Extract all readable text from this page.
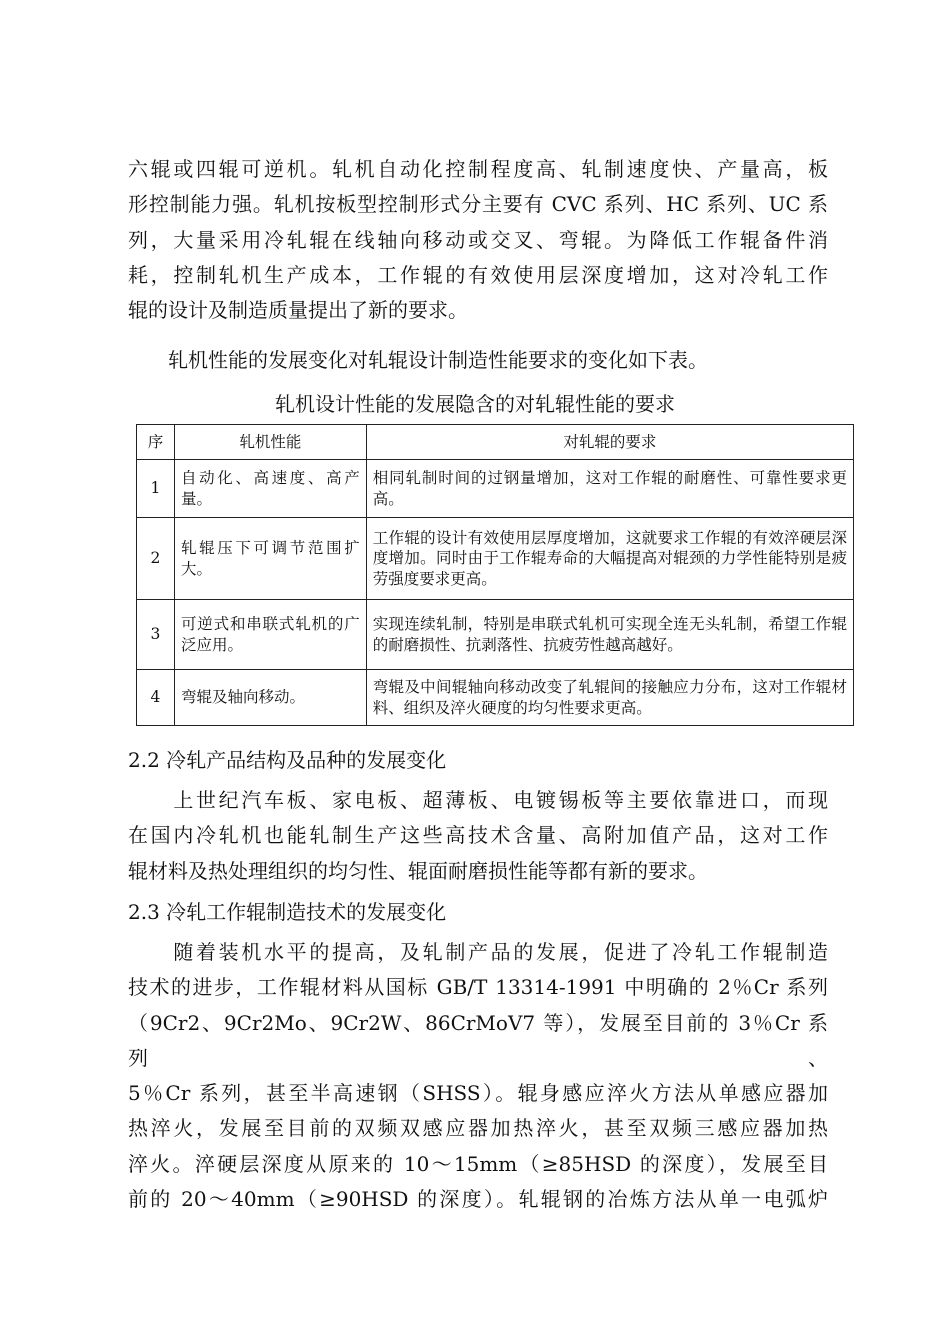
六辊或四辊可逆机。轧机自动化控制程度高、轧制速度快、产量高，板
形控制能力强。轧机按板型控制形式分主要有 CVC 系列、HC 系列、UC 系
列，大量采用冷轧辊在线轴向移动或交叉、弯辊。为降低工作辊备件消
耗，控制轧机生产成本，工作辊的有效使用层深度增加，这对冷轧工作
辊的设计及制造质量提出了新的要求。

　　轧机性能的发展变化对轧辊设计制造性能要求的变化如下表。

轧机设计性能的发展隐含的对轧辊性能的要求

序	轧机性能	对轧辊的要求
1	自动化、高速度、高产量。	相同轧制时间的过钢量增加，这对工作辊的耐磨性、可靠性要求更高。
2	轧辊压下可调节范围扩大。	工作辊的设计有效使用层厚度增加，这就要求工作辊的有效淬硬层深度增加。同时由于工作辊寿命的大幅提高对辊颈的力学性能特别是疲劳强度要求更高。
3	可逆式和串联式轧机的广泛应用。	实现连续轧制，特别是串联式轧机可实现全连无头轧制，希望工作辊的耐磨损性、抗剥落性、抗疲劳性越高越好。
4	弯辊及轴向移动。	弯辊及中间辊轴向移动改变了轧辊间的接触应力分布，这对工作辊材料、组织及淬火硬度的均匀性要求更高。

2.2 冷轧产品结构及品种的发展变化

　　上世纪汽车板、家电板、超薄板、电镀锡板等主要依靠进口，而现
在国内冷轧机也能轧制生产这些高技术含量、高附加值产品，这对工作
辊材料及热处理组织的均匀性、辊面耐磨损性能等都有新的要求。

2.3 冷轧工作辊制造技术的发展变化

　　随着装机水平的提高，及轧制产品的发展，促进了冷轧工作辊制造
技术的进步，工作辊材料从国标 GB/T 13314-1991 中明确的 2％Cr 系列
（9Cr2、9Cr2Mo、9Cr2W、86CrMoV7 等），发展至目前的 3％Cr 系列、
5％Cr 系列，甚至半高速钢（SHSS）。辊身感应淬火方法从单感应器加
热淬火，发展至目前的双频双感应器加热淬火，甚至双频三感应器加热
淬火。淬硬层深度从原来的 10～15mm（≥85HSD 的深度），发展至目
前的 20～40mm（≥90HSD 的深度）。轧辊钢的冶炼方法从单一电弧炉
